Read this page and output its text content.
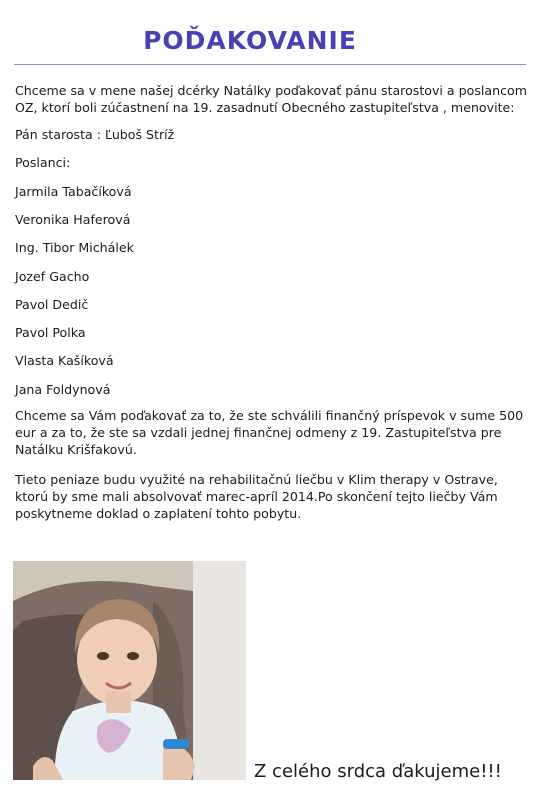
POĎAKOVANIE

Chceme sa v mene našej dcérky Natálky poďakovať pánu starostovi a poslancom OZ, ktorí boli zúčastnení na 19. zasadnutí Obecného zastupiteľstva , menovite:

Pán starosta : Ľuboš Stríž

Poslanci:

Jarmila Tabačíková

Veronika Haferová

Ing. Tibor Michálek

Jozef Gacho

Pavol Dedič

Pavol Polka

Vlasta Kašíková

Jana Foldynová

Chceme sa Vám poďakovať za to, že ste schválili finančný príspevok v sume 500 eur a za to, že ste sa vzdali jednej finančnej odmeny z 19. Zastupiteľstva pre Natálku Krišfakovú.

Tieto peniaze budu využité na rehabilitačnú liečbu v Klim therapy v Ostrave, ktorú by sme mali absolvovať marec-apríl 2014.Po skončení tejto liečby Vám poskytneme doklad o zaplatení tohto pobytu.

Z celého srdca ďakujeme!!!
